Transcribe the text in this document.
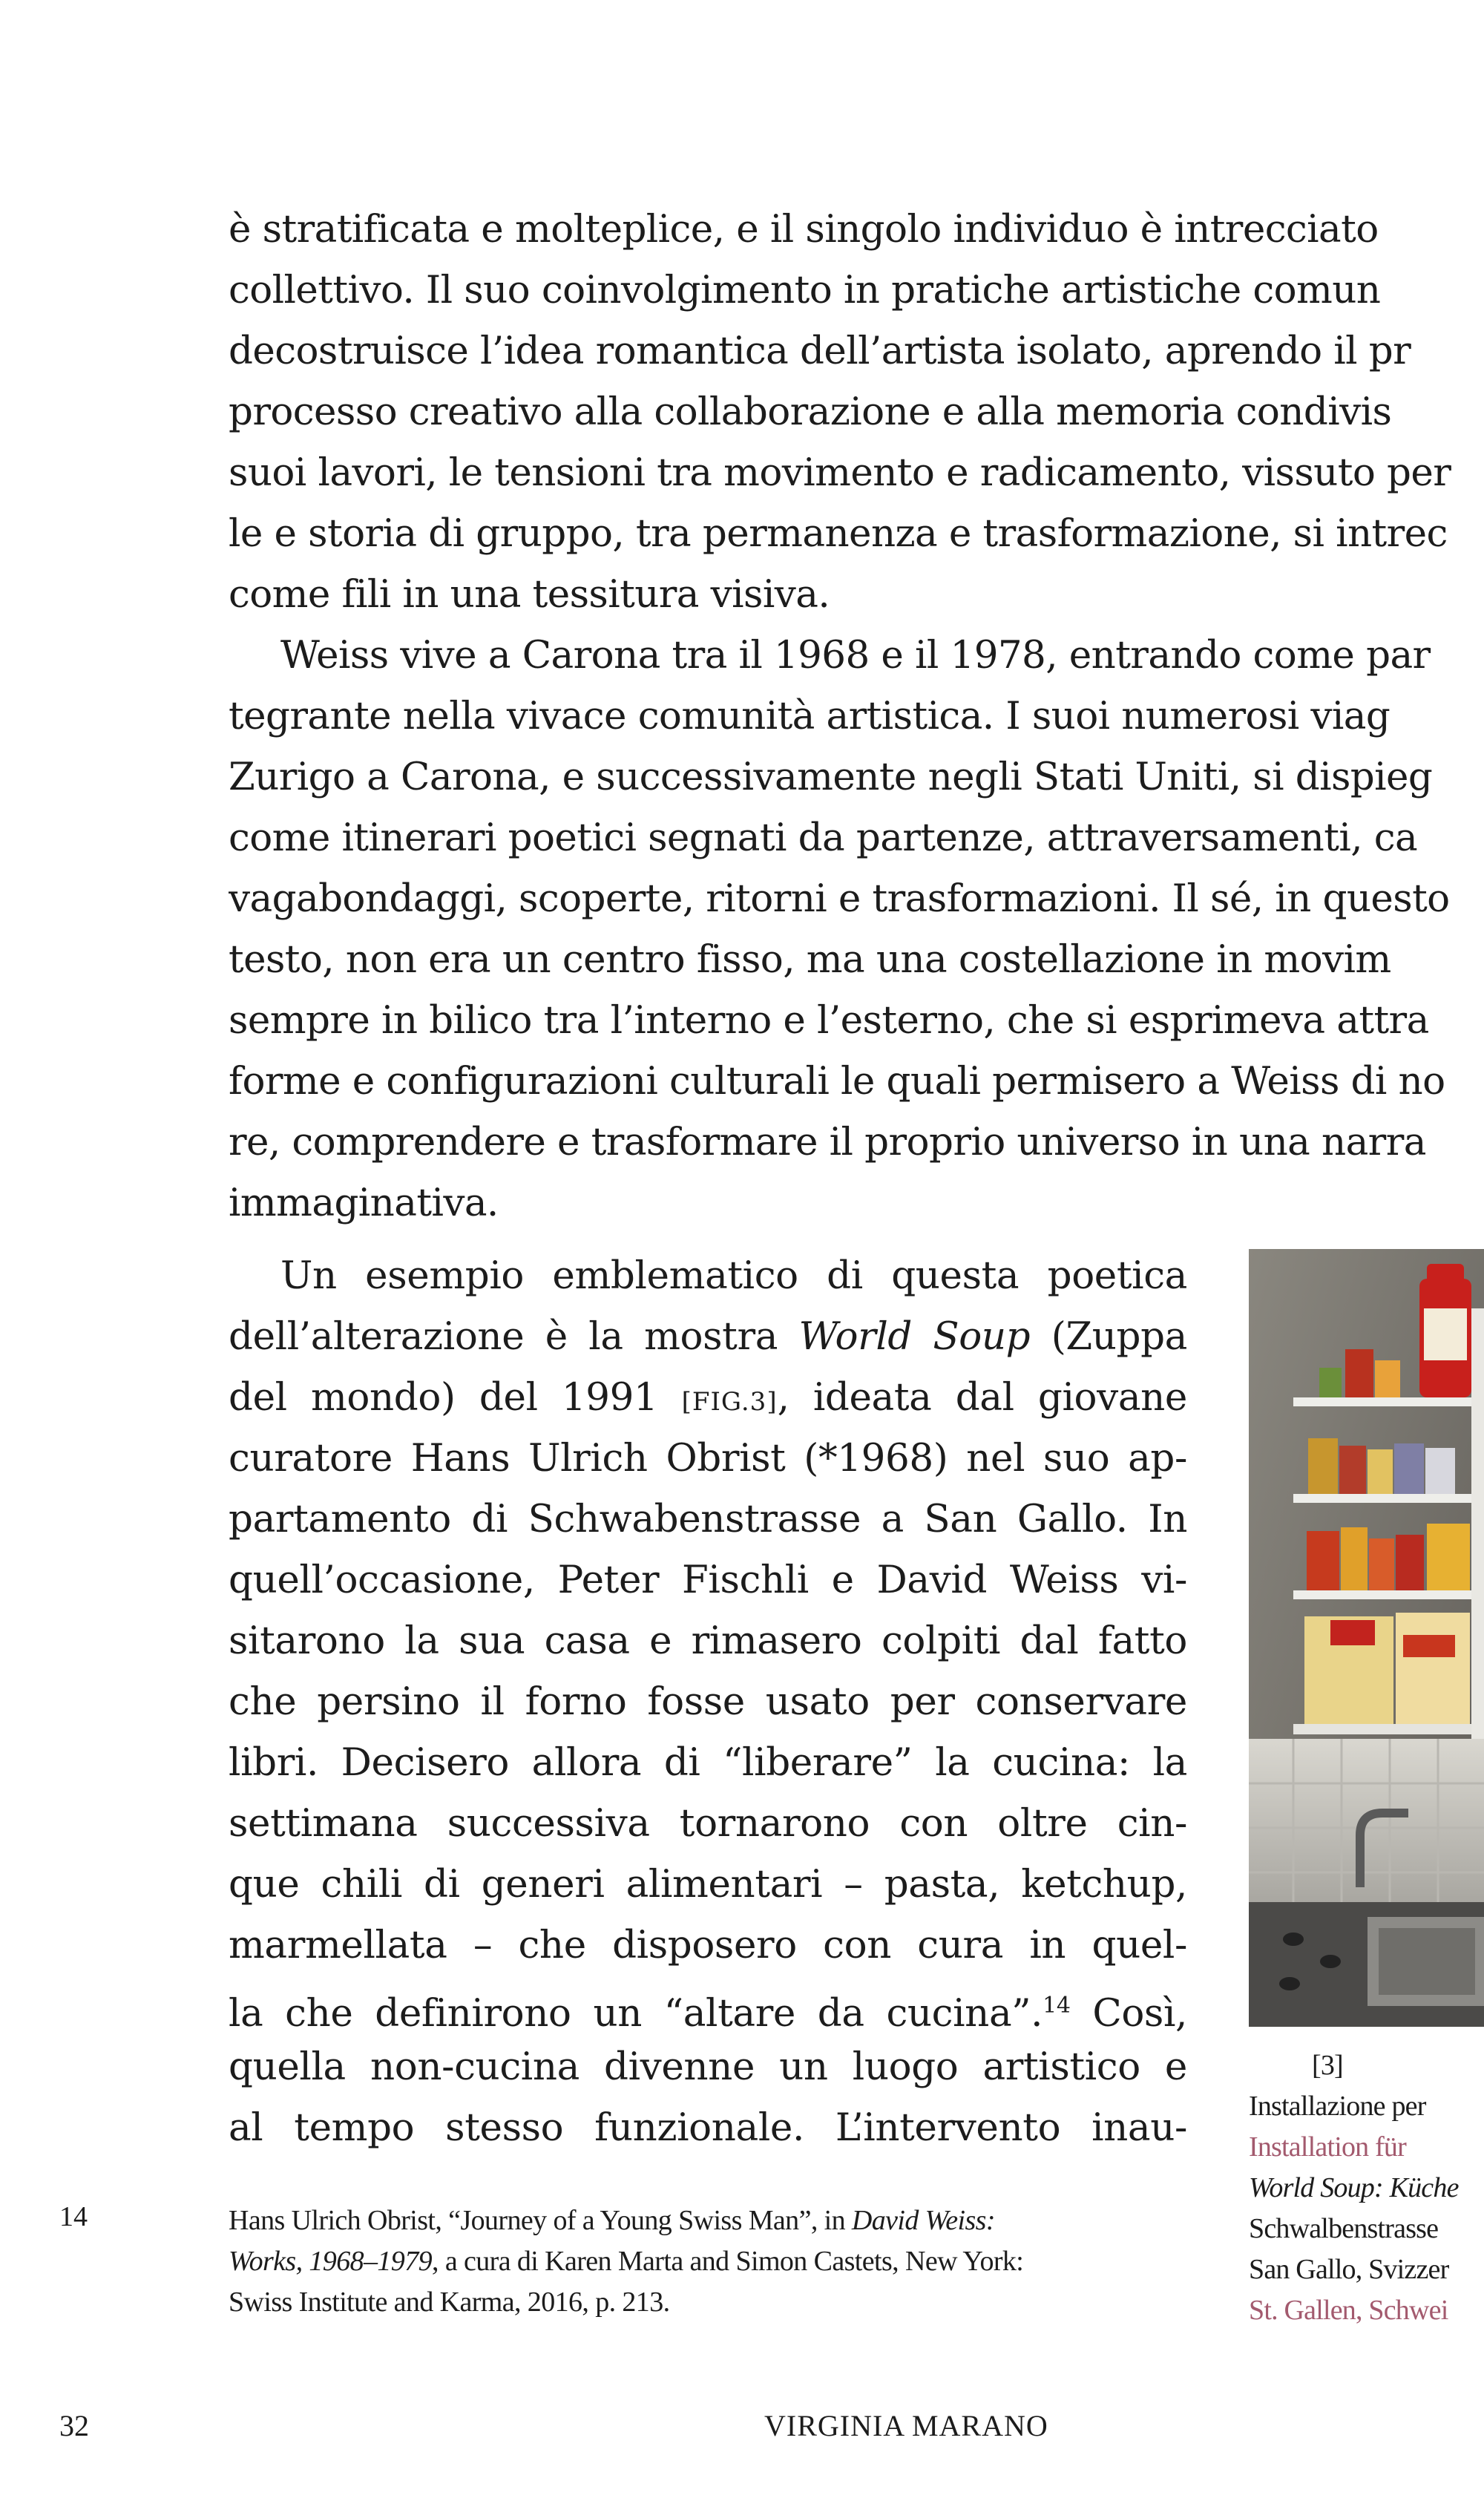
è stratificata e molteplice, e il singolo individuo è intrecciato
collettivo. Il suo coinvolgimento in pratiche artistiche comun
decostruisce l’idea romantica dell’artista isolato, aprendo il pr
processo creativo alla collaborazione e alla memoria condivis
suoi lavori, le tensioni tra movimento e radicamento, vissuto per
le e storia di gruppo, tra permanenza e trasformazione, si intrec
come fili in una tessitura visiva.
Weiss vive a Carona tra il 1968 e il 1978, entrando come par
tegrante nella vivace comunità artistica. I suoi numerosi viag
Zurigo a Carona, e successivamente negli Stati Uniti, si dispieg
come itinerari poetici segnati da partenze, attraversamenti, ca
vagabondaggi, scoperte, ritorni e trasformazioni. Il sé, in questo
testo, non era un centro fisso, ma una costellazione in movim
sempre in bilico tra l’interno e l’esterno, che si esprimeva attra
forme e configurazioni culturali le quali permisero a Weiss di no
re, comprendere e trasformare il proprio universo in una narra
immaginativa.
Un esempio emblematico di questa poetica
dell’alterazione è la mostra World Soup (Zuppa
del mondo) del 1991 [FIG.3], ideata dal giovane
curatore Hans Ulrich Obrist (*1968) nel suo ap-
partamento di Schwabenstrasse a San Gallo. In
quell’occasione, Peter Fischli e David Weiss vi-
sitarono la sua casa e rimasero colpiti dal fatto
che persino il forno fosse usato per conservare
libri. Decisero allora di “liberare” la cucina: la
settimana successiva tornarono con oltre cin-
que chili di generi alimentari – pasta, ketchup,
marmellata – che disposero con cura in quel-
la che definirono un “altare da cucina”.$^{14}$ Così,
quella non-cucina divenne un luogo artistico e
al tempo stesso funzionale. L’intervento inau-
[3]
Installazione per
Installation für
World Soup: Küche
Schwalbenstrasse
San Gallo, Svizzer
St. Gallen, Schwei
14	Hans Ulrich Obrist, “Journey of a Young Swiss Man”, in David Weiss:
Works, 1968–1979, a cura di Karen Marta and Simon Castets, New York:
Swiss Institute and Karma, 2016, p. 213.
32	VIRGINIA MARANO
